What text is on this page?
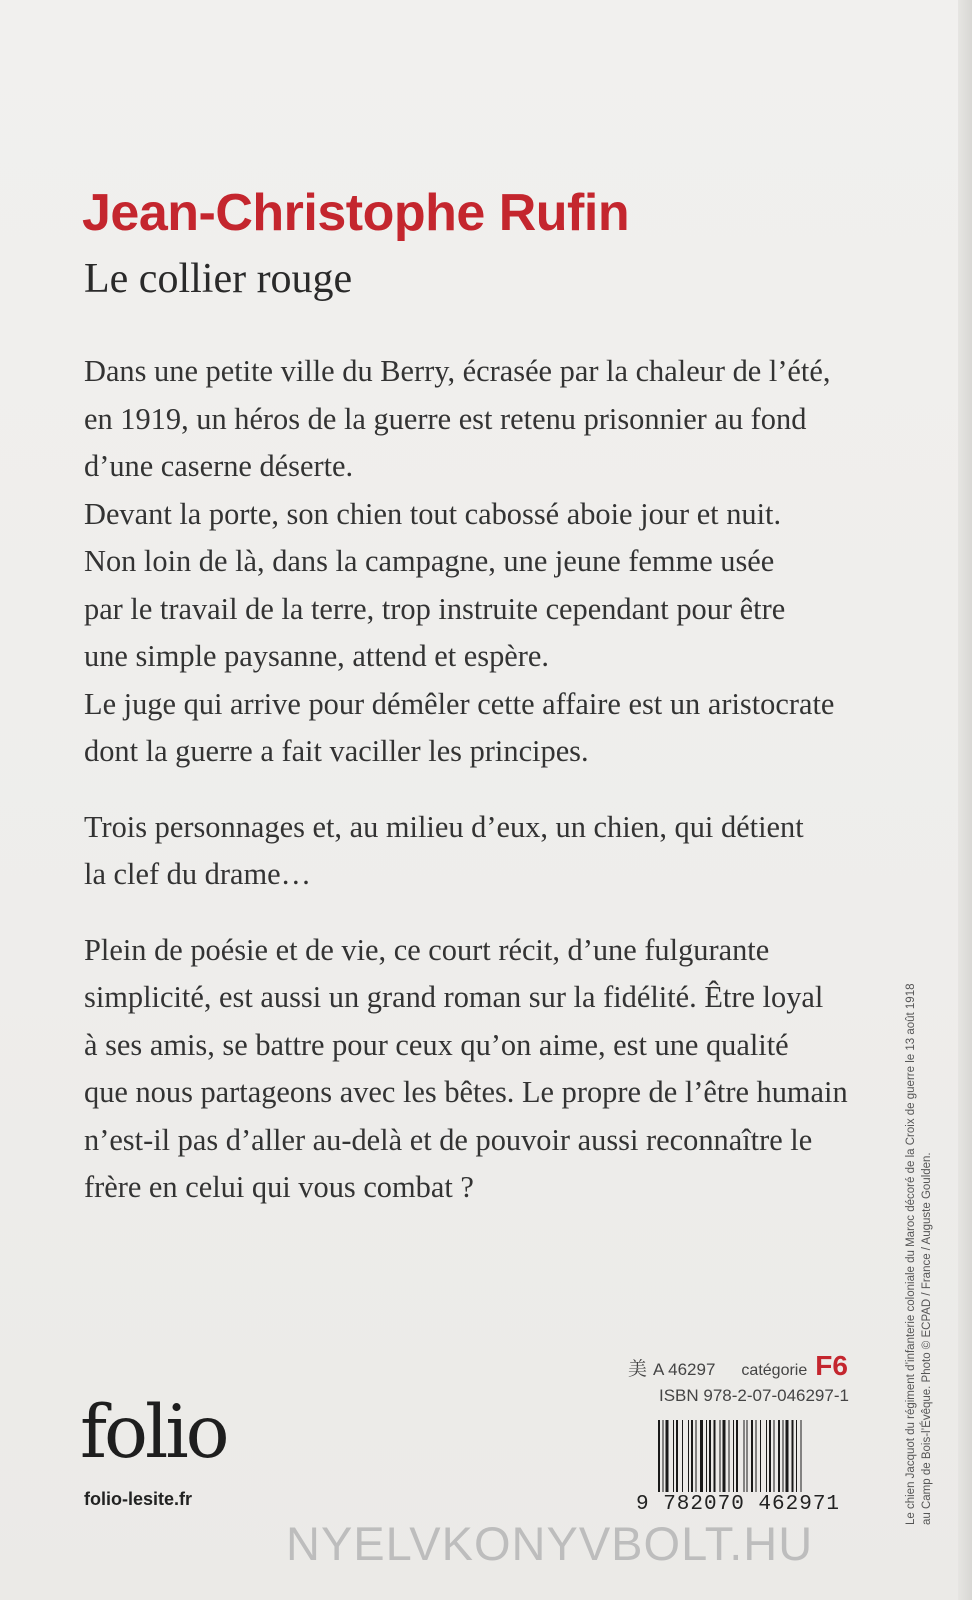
Jean-Christophe Rufin
Le collier rouge
Dans une petite ville du Berry, écrasée par la chaleur de l’été,
en 1919, un héros de la guerre est retenu prisonnier au fond
d’une caserne déserte.
Devant la porte, son chien tout cabossé aboie jour et nuit.
Non loin de là, dans la campagne, une jeune femme usée
par le travail de la terre, trop instruite cependant pour être
une simple paysanne, attend et espère.
Le juge qui arrive pour démêler cette affaire est un aristocrate
dont la guerre a fait vaciller les principes.
Trois personnages et, au milieu d’eux, un chien, qui détient
la clef du drame…
Plein de poésie et de vie, ce court récit, d’une fulgurante
simplicité, est aussi un grand roman sur la fidélité. Être loyal
à ses amis, se battre pour ceux qu’on aime, est une qualité
que nous partageons avec les bêtes. Le propre de l’être humain
n’est-il pas d’aller au-delà et de pouvoir aussi reconnaître le
frère en celui qui vous combat ?	Le chien Jacquot du régiment d’infanterie coloniale du Maroc décoré de la Croix de guerre le 13 août 1918 au Camp de Bois-l’Évêque. Photo © ECPAD / France / Auguste Goulden.
美 A 46297 catégorie F6
ISBN 978-2-07-046297-1
9 782070 462971
folio
folio-lesite.fr
NYELVKONYVBOLT.HU
